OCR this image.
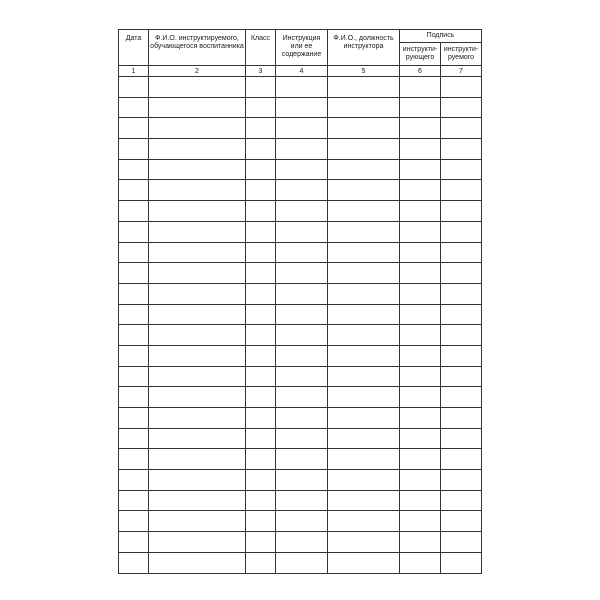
Дата	Ф.И.О. инструктируемого, обучающегося воспитанника	Класс	Инструкция или ее содержание	Ф.И.О., должность инструктора	Подпись	
					инструкти-рующего	инструкти-руемого
1	2	3	4	5	6	7
